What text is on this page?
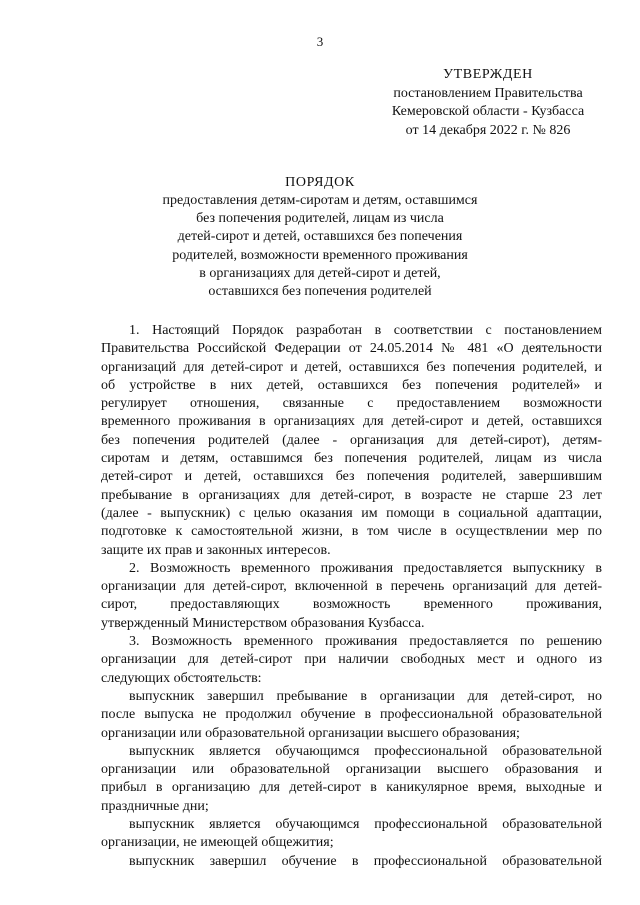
3
УТВЕРЖДЕН
постановлением Правительства
Кемеровской области - Кузбасса
от 14 декабря 2022 г. № 826
ПОРЯДОК
предоставления детям-сиротам и детям, оставшимся
без попечения родителей, лицам из числа
детей-сирот и детей, оставшихся без попечения
родителей, возможности временного проживания
в организациях для детей-сирот и детей,
оставшихся без попечения родителей

1. Настоящий Порядок разработан в соответствии с постановлением
Правительства Российской Федерации от 24.05.2014 № 481 «О деятельности
организаций для детей-сирот и детей, оставшихся без попечения родителей, и
об устройстве в них детей, оставшихся без попечения родителей» и
регулирует отношения, связанные с предоставлением возможности
временного проживания в организациях для детей-сирот и детей, оставшихся
без попечения родителей (далее - организация для детей-сирот), детям-
сиротам и детям, оставшимся без попечения родителей, лицам из числа
детей-сирот и детей, оставшихся без попечения родителей, завершившим
пребывание в организациях для детей-сирот, в возрасте не старше 23 лет
(далее - выпускник) с целью оказания им помощи в социальной адаптации,
подготовке к самостоятельной жизни, в том числе в осуществлении мер по
защите их прав и законных интересов.

2. Возможность временного проживания предоставляется выпускнику в
организации для детей-сирот, включенной в перечень организаций для детей-
сирот, предоставляющих возможность временного проживания,
утвержденный Министерством образования Кузбасса.

3. Возможность временного проживания предоставляется по решению
организации для детей-сирот при наличии свободных мест и одного из
следующих обстоятельств:

выпускник завершил пребывание в организации для детей-сирот, но
после выпуска не продолжил обучение в профессиональной образовательной
организации или образовательной организации высшего образования;

выпускник является обучающимся профессиональной образовательной
организации или образовательной организации высшего образования и
прибыл в организацию для детей-сирот в каникулярное время, выходные и
праздничные дни;

выпускник является обучающимся профессиональной образовательной
организации, не имеющей общежития;

выпускник завершил обучение в профессиональной образовательной
